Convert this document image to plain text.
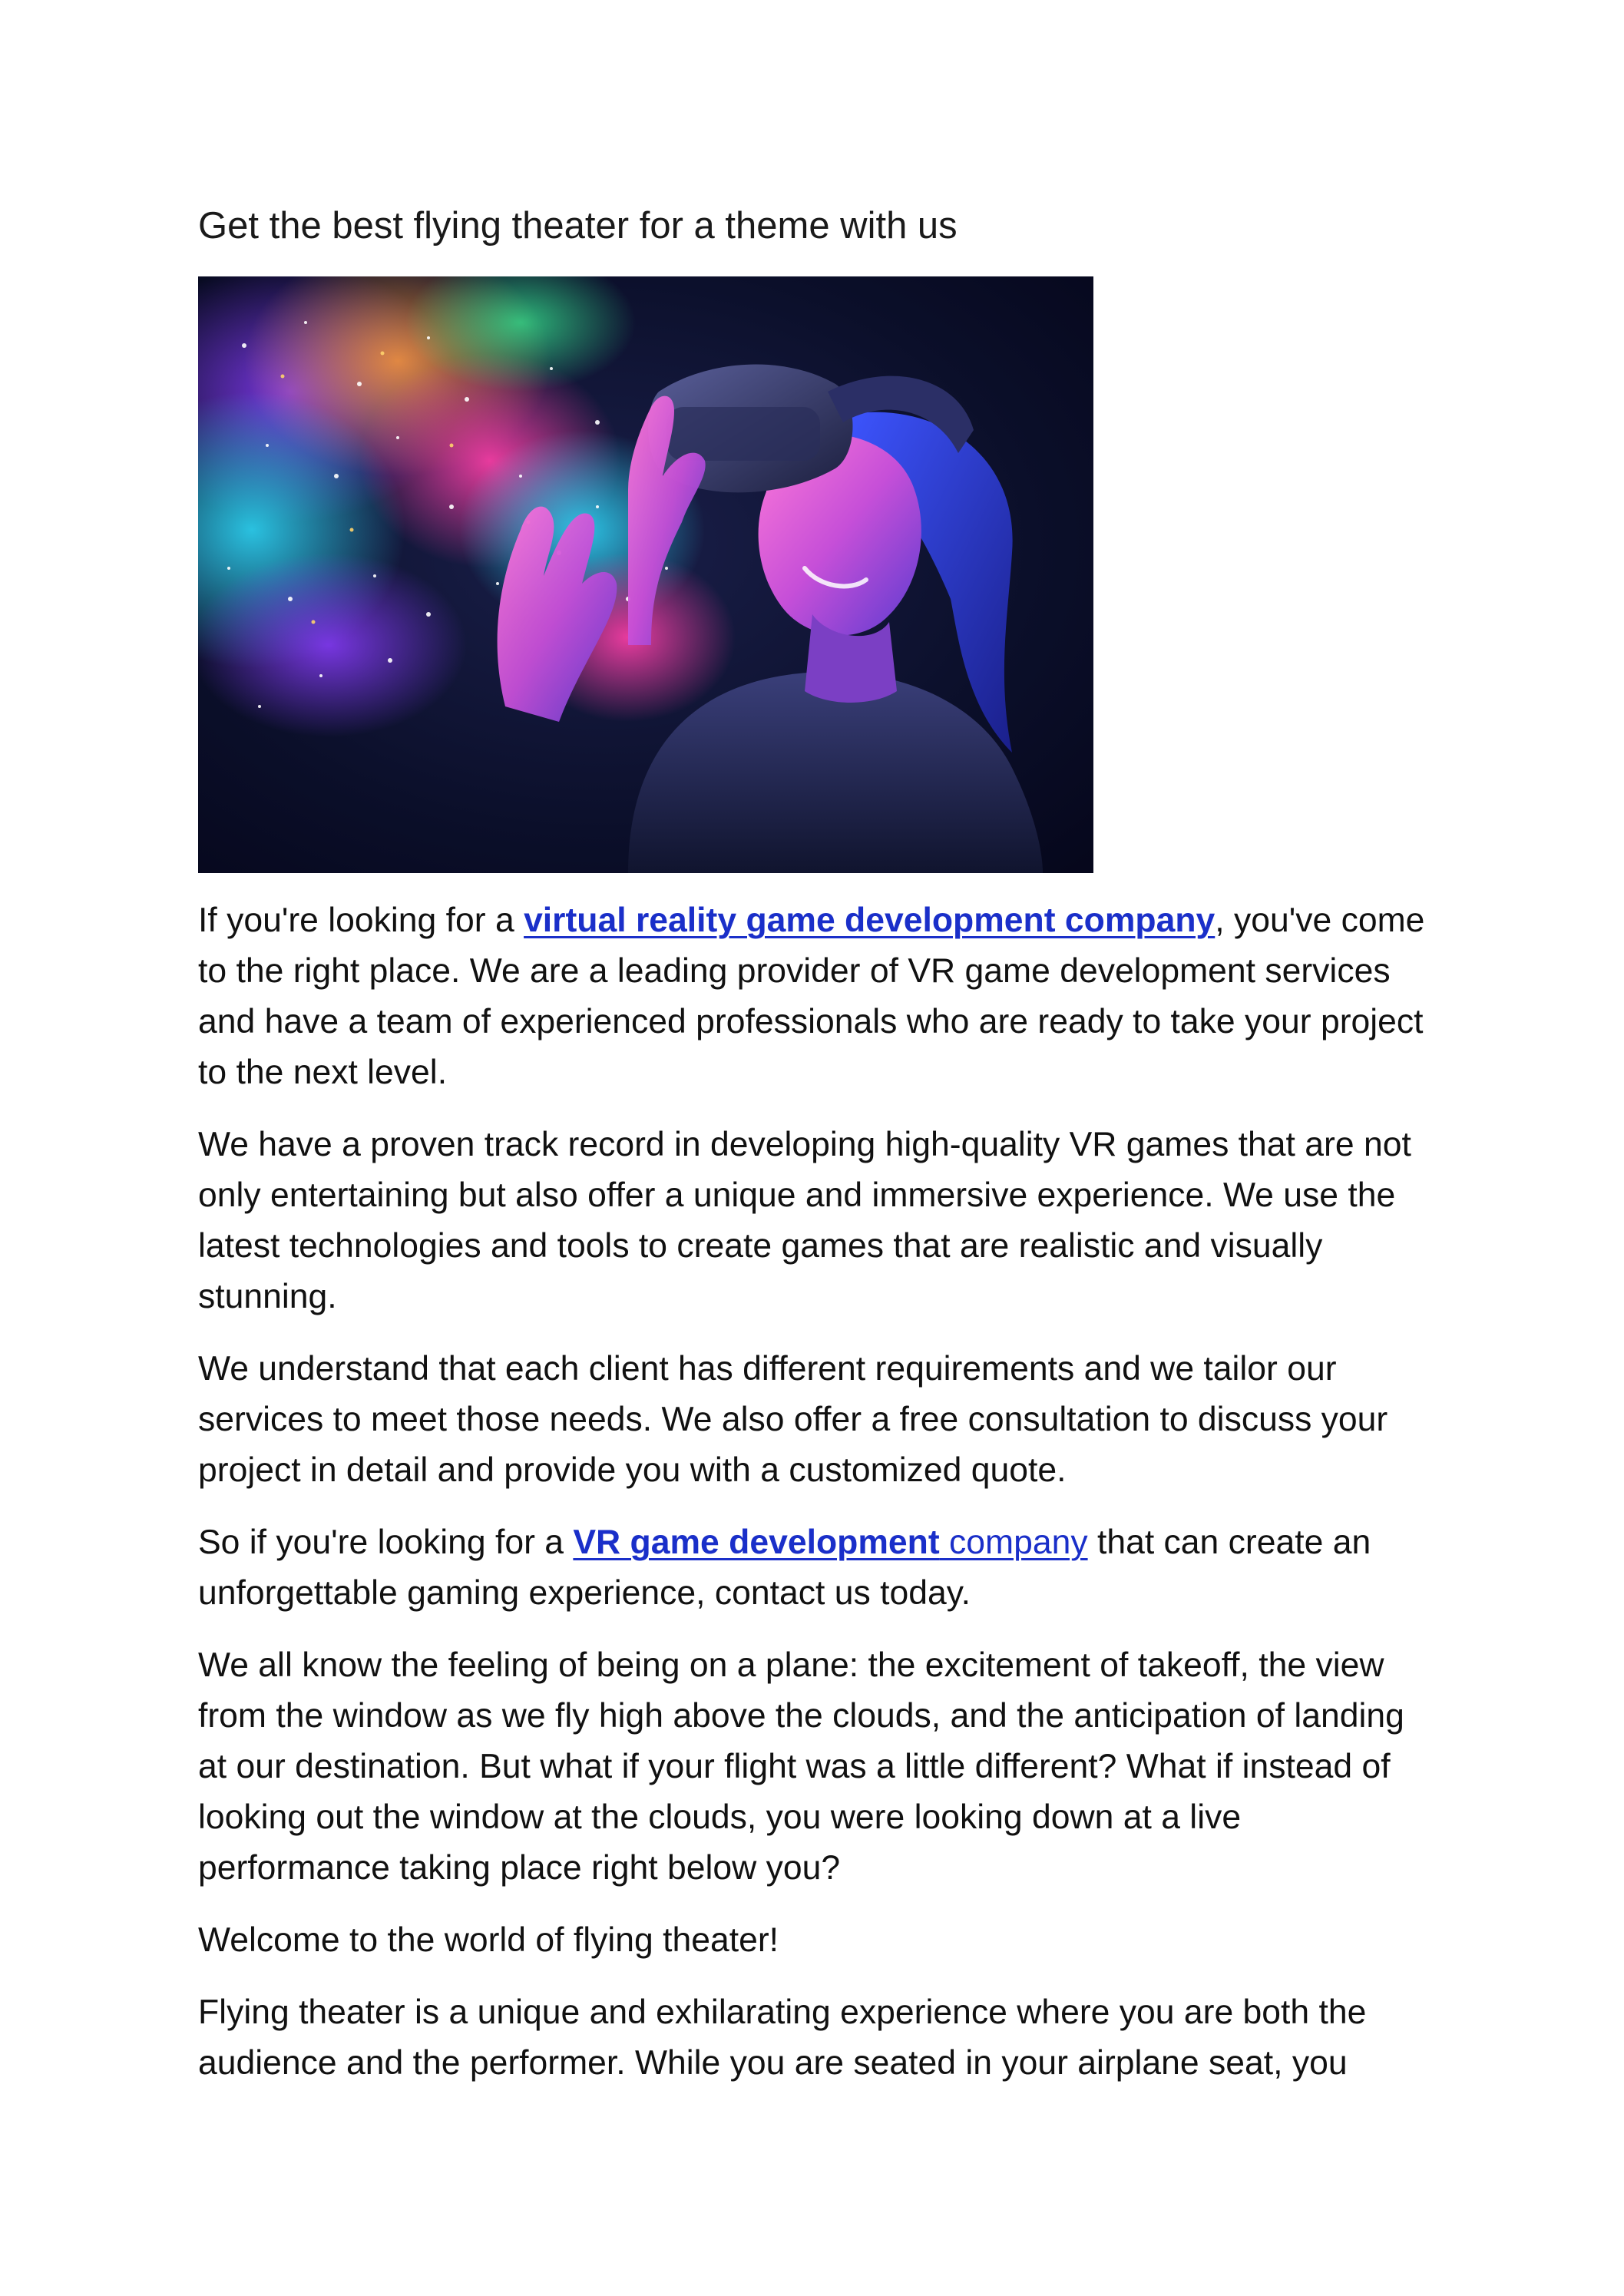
Get the best flying theater for a theme with us

If you're looking for a virtual reality game development company, you've come to the right place. We are a leading provider of VR game development services and have a team of experienced professionals who are ready to take your project to the next level.

We have a proven track record in developing high-quality VR games that are not only entertaining but also offer a unique and immersive experience. We use the latest technologies and tools to create games that are realistic and visually stunning.

We understand that each client has different requirements and we tailor our services to meet those needs. We also offer a free consultation to discuss your project in detail and provide you with a customized quote.

So if you're looking for a VR game development company that can create an unforgettable gaming experience, contact us today.

We all know the feeling of being on a plane: the excitement of takeoff, the view from the window as we fly high above the clouds, and the anticipation of landing at our destination. But what if your flight was a little different? What if instead of looking out the window at the clouds, you were looking down at a live performance taking place right below you?

Welcome to the world of flying theater!

Flying theater is a unique and exhilarating experience where you are both the audience and the performer. While you are seated in your airplane seat, you
